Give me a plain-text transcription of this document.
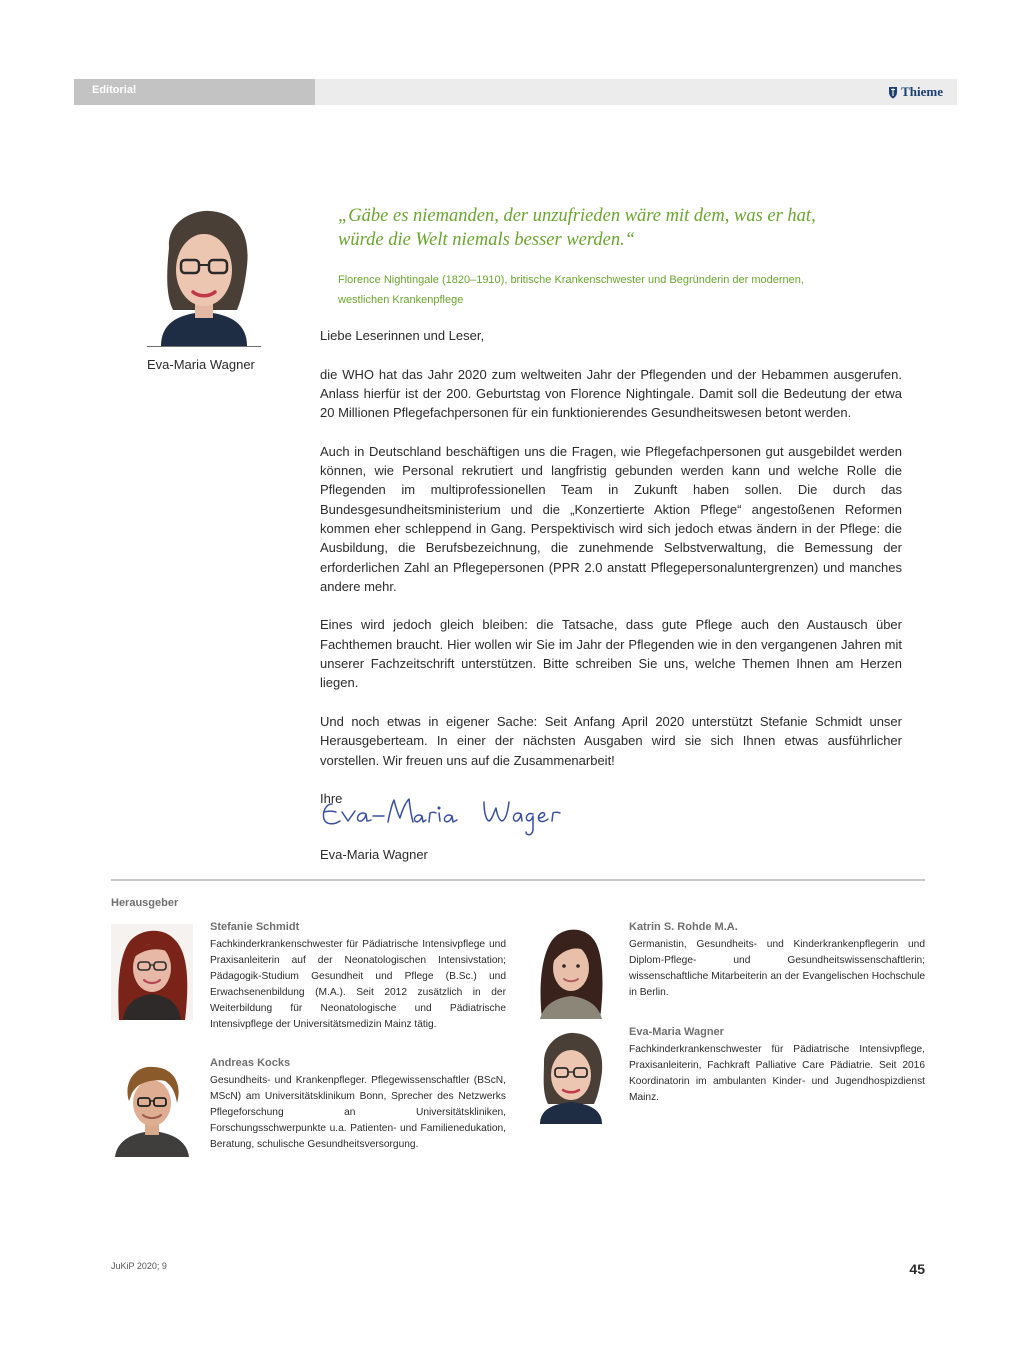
Editorial	Thieme
Eva-Maria Wagner

„Gäbe es niemanden, der unzufrieden wäre mit dem, was er hat,
würde die Welt niemals besser werden.“

Florence Nightingale (1820–1910), britische Krankenschwester und Begründerin der modernen,
westlichen Krankenpflege

Liebe Leserinnen und Leser,

die WHO hat das Jahr 2020 zum weltweiten Jahr der Pflegenden und der Hebammen ausgerufen. Anlass hierfür ist der 200. Geburtstag von Florence Nightingale. Damit soll die Bedeutung der etwa 20 Millionen Pflegefachpersonen für ein funktionierendes Gesundheitswesen betont werden.

Auch in Deutschland beschäftigen uns die Fragen, wie Pflegefachpersonen gut ausgebildet werden können, wie Personal rekrutiert und langfristig gebunden werden kann und welche Rolle die Pflegenden im multiprofessionellen Team in Zukunft haben sollen. Die durch das Bundesgesundheitsministerium und die „Konzertierte Aktion Pflege“ angestoßenen Reformen kommen eher schleppend in Gang. Perspektivisch wird sich jedoch etwas ändern in der Pflege: die Ausbildung, die Berufsbezeichnung, die zunehmende Selbstverwaltung, die Bemessung der erforderlichen Zahl an Pflegepersonen (PPR 2.0 anstatt Pflegepersonaluntergrenzen) und manches andere mehr.

Eines wird jedoch gleich bleiben: die Tatsache, dass gute Pflege auch den Austausch über Fachthemen braucht. Hier wollen wir Sie im Jahr der Pflegenden wie in den vergangenen Jahren mit unserer Fachzeitschrift unterstützen. Bitte schreiben Sie uns, welche Themen Ihnen am Herzen liegen.

Und noch etwas in eigener Sache: Seit Anfang April 2020 unterstützt Stefanie Schmidt unser Herausgeberteam. In einer der nächsten Ausgaben wird sie sich Ihnen etwas ausführlicher vorstellen. Wir freuen uns auf die Zusammenarbeit!

Ihre

Eva-Maria Wagner
Herausgeber
Stefanie Schmidt

Fachkinderkrankenschwester für Pädiatrische Intensivpflege und Praxisanleiterin auf der Neonatologischen Intensivstation; Pädagogik-Studium Gesundheit und Pflege (B.Sc.) und Erwachsenenbildung (M.A.). Seit 2012 zusätzlich in der Weiterbildung für Neonatologische und Pädiatrische Intensivpflege der Universitätsmedizin Mainz tätig.

Andreas Kocks

Gesundheits- und Krankenpfleger. Pflegewissenschaftler (BScN, MScN) am Universitätsklinikum Bonn, Sprecher des Netzwerks Pflegeforschung an Universitätskliniken, Forschungsschwerpunkte u.a. Patienten- und Familienedukation, Beratung, schulische Gesundheitsversorgung.

Katrin S. Rohde M.A.

Germanistin, Gesundheits- und Kinderkrankenpflegerin und Diplom-Pflege- und Gesundheitswissenschaftlerin; wissenschaftliche Mitarbeiterin an der Evangelischen Hochschule in Berlin.

Eva-Maria Wagner

Fachkinderkrankenschwester für Pädiatrische Intensivpflege, Praxisanleiterin, Fachkraft Palliative Care Pädiatrie. Seit 2016 Koordinatorin im ambulanten Kinder- und Jugendhospizdienst Mainz.

JuKiP 2020; 9	45
